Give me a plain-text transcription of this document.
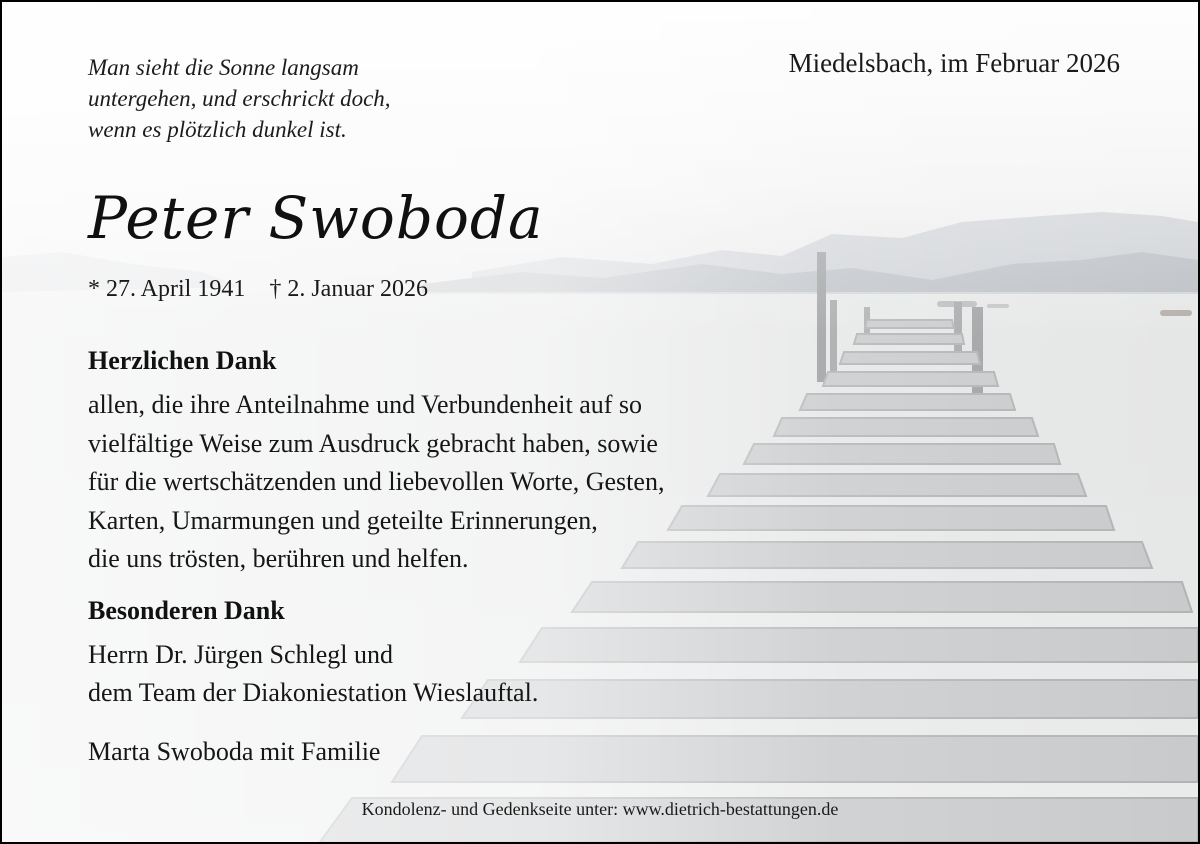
Man sieht die Sonne langsam
untergehen, und erschrickt doch,
wenn es plötzlich dunkel ist.
Miedelsbach, im Februar 2026
Peter Swoboda
* 27. April 1941 † 2. Januar 2026
Herzlichen Dank
allen, die ihre Anteilnahme und Verbundenheit auf so
vielfältige Weise zum Ausdruck gebracht haben, sowie
für die wertschätzenden und liebevollen Worte, Gesten,
Karten, Umarmungen und geteilte Erinnerungen,
die uns trösten, berühren und helfen.
Besonderen Dank
Herrn Dr. Jürgen Schlegl und
dem Team der Diakoniestation Wieslauftal.
Marta Swoboda mit Familie
Kondolenz- und Gedenkseite unter: www.dietrich-bestattungen.de
